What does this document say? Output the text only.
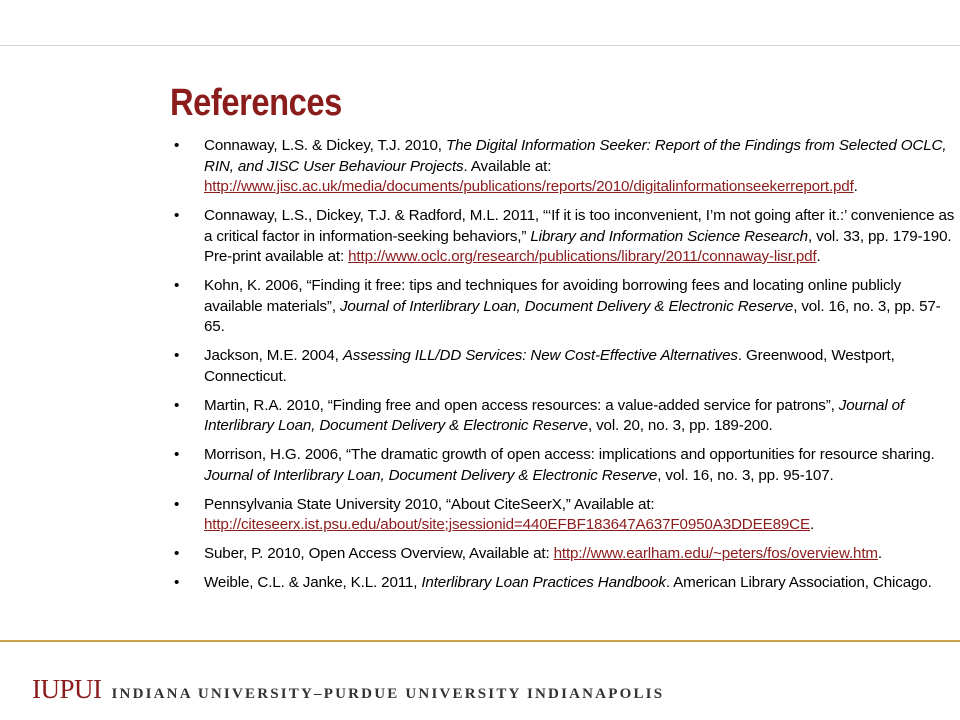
References
• Connaway, L.S. & Dickey, T.J. 2010, The Digital Information Seeker: Report of the Findings from Selected OCLC, RIN, and JISC User Behaviour Projects. Available at: http://www.jisc.ac.uk/media/documents/publications/reports/2010/digitalinformationseekerreport.pdf.
• Connaway, L.S., Dickey, T.J. & Radford, M.L. 2011, “‘If it is too inconvenient, I’m not going after it.:’ convenience as a critical factor in information-seeking behaviors,” Library and Information Science Research, vol. 33, pp. 179-190. Pre-print available at: http://www.oclc.org/research/publications/library/2011/connaway-lisr.pdf.
• Kohn, K. 2006, “Finding it free: tips and techniques for avoiding borrowing fees and locating online publicly available materials”, Journal of Interlibrary Loan, Document Delivery & Electronic Reserve, vol. 16, no. 3, pp. 57-65.
• Jackson, M.E. 2004, Assessing ILL/DD Services: New Cost-Effective Alternatives. Greenwood, Westport, Connecticut.
• Martin, R.A. 2010, “Finding free and open access resources: a value-added service for patrons”, Journal of Interlibrary Loan, Document Delivery & Electronic Reserve, vol. 20, no. 3, pp. 189-200.
• Morrison, H.G. 2006, “The dramatic growth of open access: implications and opportunities for resource sharing. Journal of Interlibrary Loan, Document Delivery & Electronic Reserve, vol. 16, no. 3, pp. 95-107.
• Pennsylvania State University 2010, “About CiteSeerX,” Available at: http://citeseerx.ist.psu.edu/about/site;jsessionid=440EFBF183647A637F0950A3DDEE89CE.
• Suber, P. 2010, Open Access Overview, Available at: http://www.earlham.edu/~peters/fos/overview.htm.
• Weible, C.L. & Janke, K.L. 2011, Interlibrary Loan Practices Handbook. American Library Association, Chicago.
IUPUI INDIANA UNIVERSITY–PURDUE UNIVERSITY INDIANAPOLIS
